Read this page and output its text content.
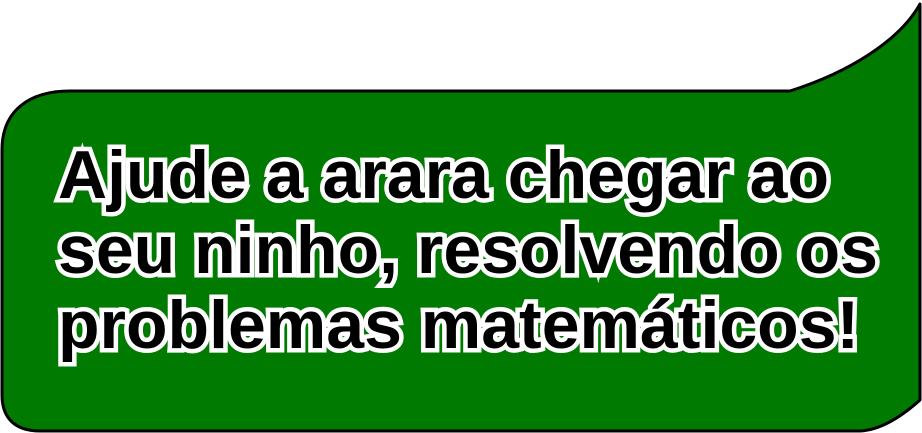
Ajude a arara chegar ao
seu ninho, resolvendo os
problemas matemáticos!
